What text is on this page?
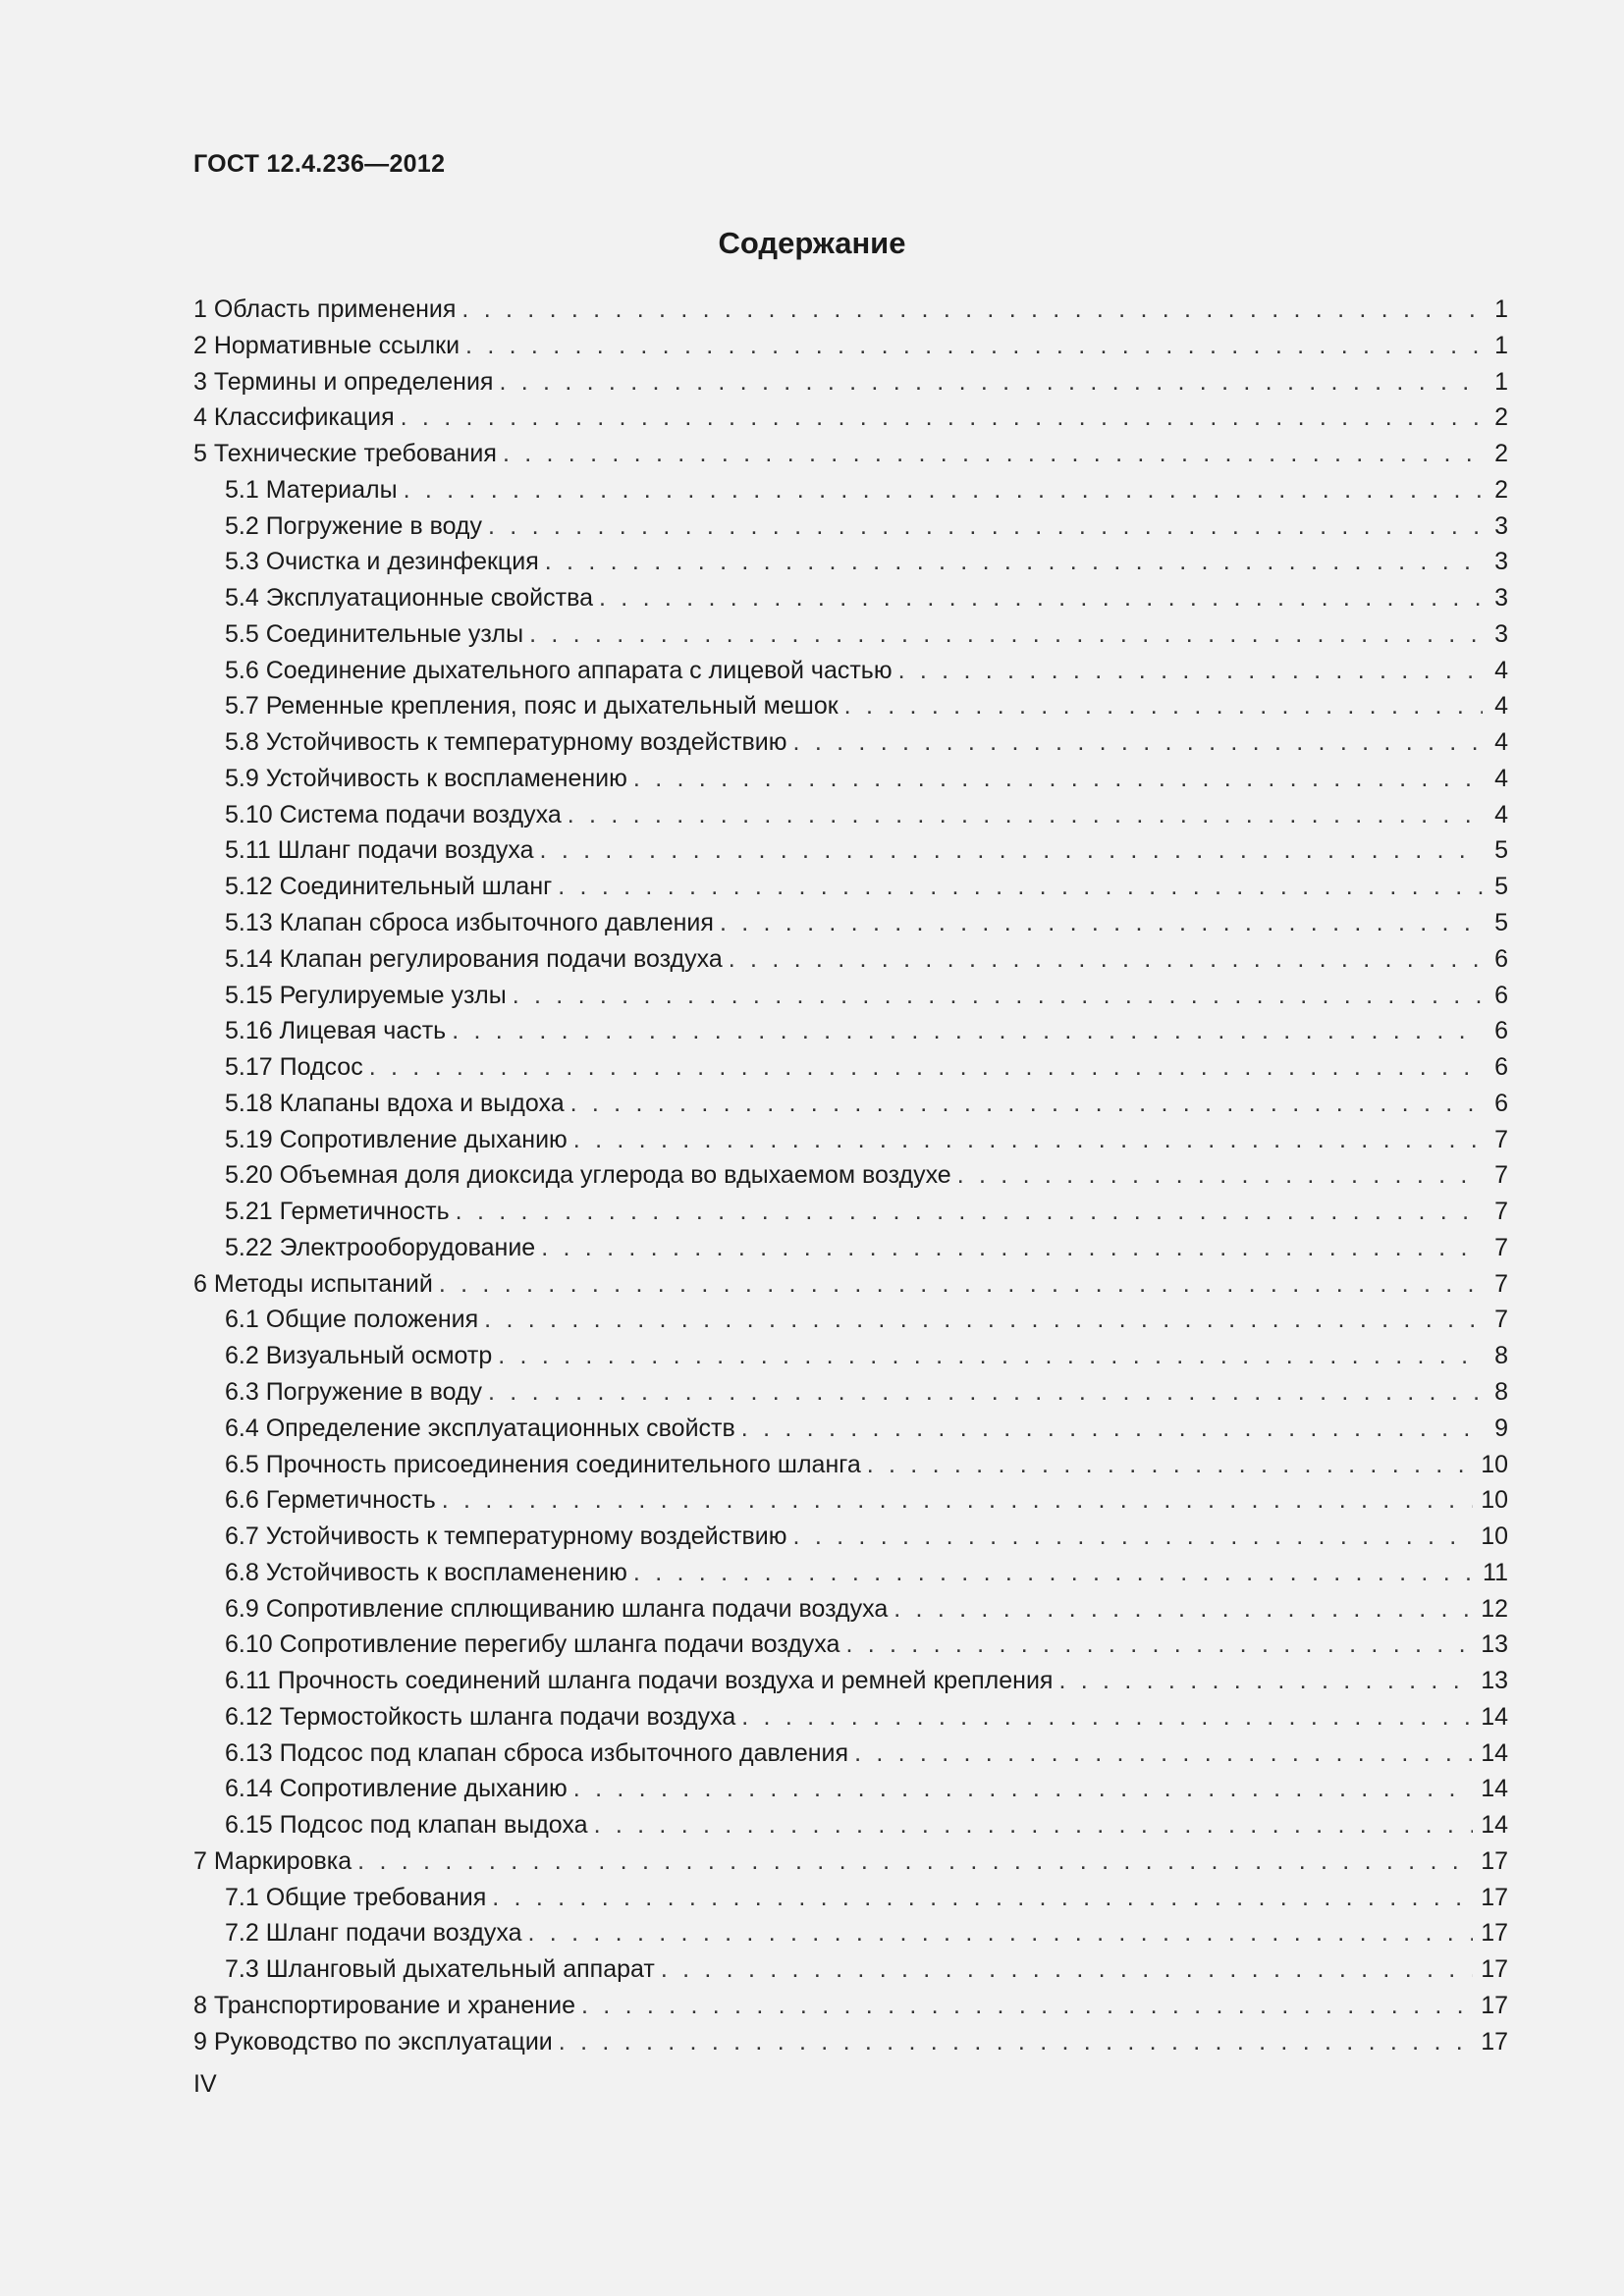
ГОСТ 12.4.236—2012
Содержание
1 Область применения . . .	1
2 Нормативные ссылки . . .	1
3 Термины и определения . . .	1
4 Классификация . . .	2
5 Технические требования . . .	2
5.1 Материалы . . .	2
5.2 Погружение в воду . . .	3
5.3 Очистка и дезинфекция . . .	3
5.4 Эксплуатационные свойства . . .	3
5.5 Соединительные узлы . . .	3
5.6 Соединение дыхательного аппарата с лицевой частью . . .	4
5.7 Ременные крепления, пояс и дыхательный мешок . . .	4
5.8 Устойчивость к температурному воздействию . . .	4
5.9 Устойчивость к воспламенению . . .	4
5.10 Система подачи воздуха . . .	4
5.11 Шланг подачи воздуха . . .	5
5.12 Соединительный шланг . . .	5
5.13 Клапан сброса избыточного давления . . .	5
5.14 Клапан регулирования подачи воздуха . . .	6
5.15 Регулируемые узлы . . .	6
5.16 Лицевая часть . . .	6
5.17 Подсос . . .	6
5.18 Клапаны вдоха и выдоха . . .	6
5.19 Сопротивление дыханию . . .	7
5.20 Объемная доля диоксида углерода во вдыхаемом воздухе . . .	7
5.21 Герметичность . . .	7
5.22 Электрооборудование . . .	7
6 Методы испытаний . . .	7
6.1 Общие положения . . .	7
6.2 Визуальный осмотр . . .	8
6.3 Погружение в воду . . .	8
6.4 Определение эксплуатационных свойств . . .	9
6.5 Прочность присоединения соединительного шланга . . .	10
6.6 Герметичность . . .	10
6.7 Устойчивость к температурному воздействию . . .	10
6.8 Устойчивость к воспламенению . . .	11
6.9 Сопротивление сплющиванию шланга подачи воздуха . . .	12
6.10 Сопротивление перегибу шланга подачи воздуха . . .	13
6.11 Прочность соединений шланга подачи воздуха и ремней крепления . . .	13
6.12 Термостойкость шланга подачи воздуха . . .	14
6.13 Подсос под клапан сброса избыточного давления . . .	14
6.14 Сопротивление дыханию . . .	14
6.15 Подсос под клапан выдоха . . .	14
7 Маркировка . . .	17
7.1 Общие требования . . .	17
7.2 Шланг подачи воздуха . . .	17
7.3 Шланговый дыхательный аппарат . . .	17
8 Транспортирование и хранение . . .	17
9 Руководство по эксплуатации . . .	17
IV
